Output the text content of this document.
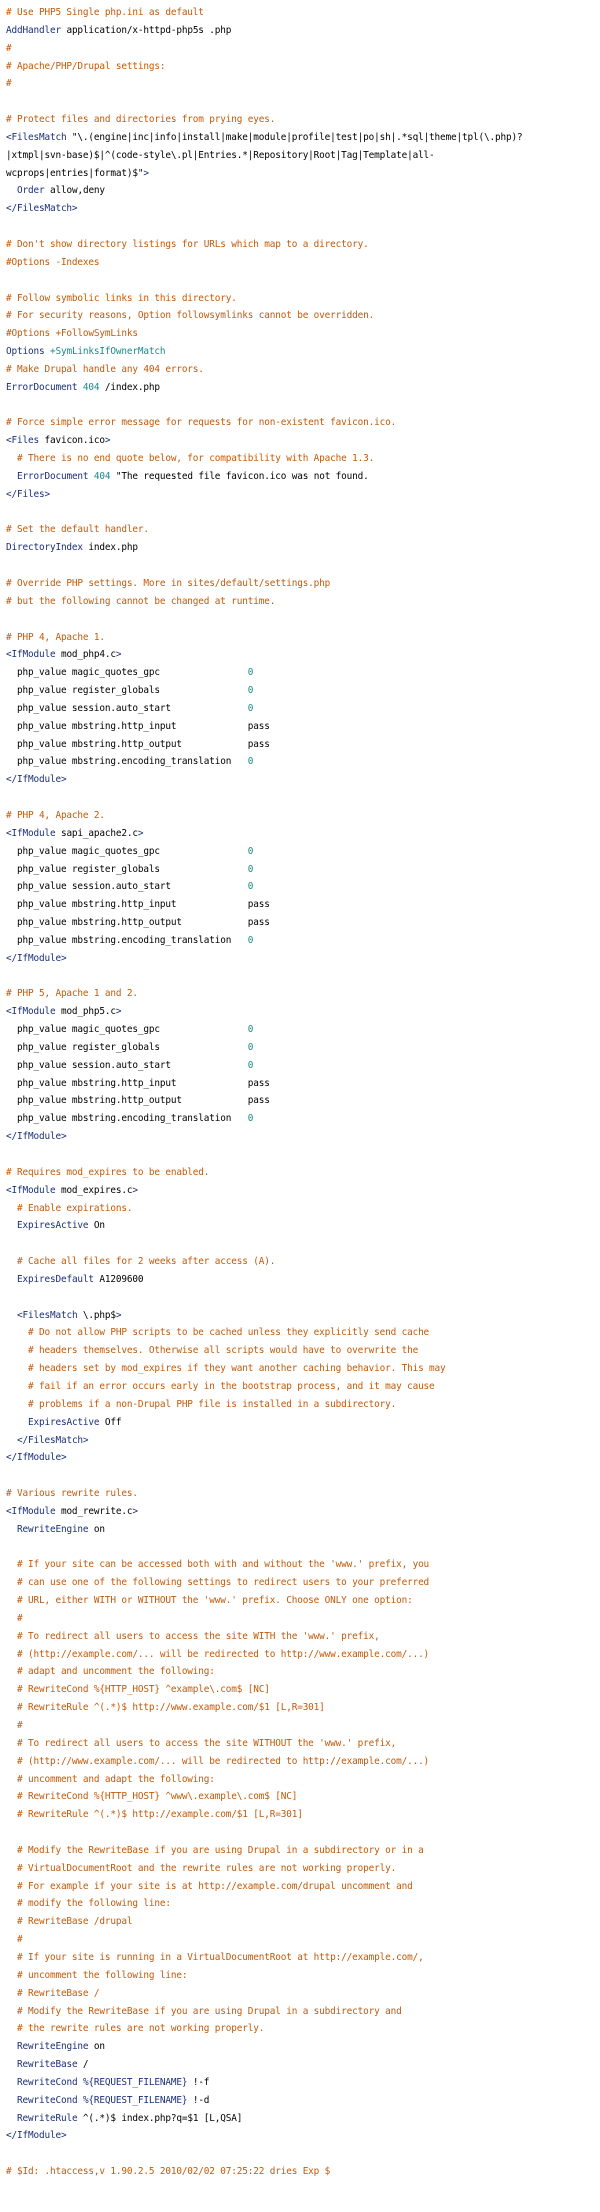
# Use PHP5 Single php.ini as default
AddHandler application/x-httpd-php5s .php
#
# Apache/PHP/Drupal settings:
#
# Protect files and directories from prying eyes.
<FilesMatch "\.(engine|inc|info|install|make|module|profile|test|po|sh|.*sql|theme|tpl(\.php)?
|xtmpl|svn-base)$|^(code-style\.pl|Entries.*|Repository|Root|Tag|Template|all-
wcprops|entries|format)$">
Order allow,deny
</FilesMatch>
# Don't show directory listings for URLs which map to a directory.
#Options -Indexes
# Follow symbolic links in this directory.
# For security reasons, Option followsymlinks cannot be overridden.
#Options +FollowSymLinks
Options +SymLinksIfOwnerMatch
# Make Drupal handle any 404 errors.
ErrorDocument 404 /index.php
# Force simple error message for requests for non-existent favicon.ico.
<Files favicon.ico>
# There is no end quote below, for compatibility with Apache 1.3.
ErrorDocument 404 "The requested file favicon.ico was not found.
</Files>
# Set the default handler.
DirectoryIndex index.php
# Override PHP settings. More in sites/default/settings.php
# but the following cannot be changed at runtime.
# PHP 4, Apache 1.
<IfModule mod_php4.c>
php_value magic_quotes_gpc                0
php_value register_globals                0
php_value session.auto_start              0
php_value mbstring.http_input             pass
php_value mbstring.http_output            pass
php_value mbstring.encoding_translation   0
</IfModule>
# PHP 4, Apache 2.
<IfModule sapi_apache2.c>
php_value magic_quotes_gpc                0
php_value register_globals                0
php_value session.auto_start              0
php_value mbstring.http_input             pass
php_value mbstring.http_output            pass
php_value mbstring.encoding_translation   0
</IfModule>
# PHP 5, Apache 1 and 2.
<IfModule mod_php5.c>
php_value magic_quotes_gpc                0
php_value register_globals                0
php_value session.auto_start              0
php_value mbstring.http_input             pass
php_value mbstring.http_output            pass
php_value mbstring.encoding_translation   0
</IfModule>
# Requires mod_expires to be enabled.
<IfModule mod_expires.c>
# Enable expirations.
ExpiresActive On
# Cache all files for 2 weeks after access (A).
ExpiresDefault A1209600
<FilesMatch \.php$>
# Do not allow PHP scripts to be cached unless they explicitly send cache
# headers themselves. Otherwise all scripts would have to overwrite the
# headers set by mod_expires if they want another caching behavior. This may
# fail if an error occurs early in the bootstrap process, and it may cause
# problems if a non-Drupal PHP file is installed in a subdirectory.
ExpiresActive Off
</FilesMatch>
</IfModule>
# Various rewrite rules.
<IfModule mod_rewrite.c>
RewriteEngine on
# If your site can be accessed both with and without the 'www.' prefix, you
# can use one of the following settings to redirect users to your preferred
# URL, either WITH or WITHOUT the 'www.' prefix. Choose ONLY one option:
#
# To redirect all users to access the site WITH the 'www.' prefix,
# (http://example.com/... will be redirected to http://www.example.com/...)
# adapt and uncomment the following:
# RewriteCond %{HTTP_HOST} ^example\.com$ [NC]
# RewriteRule ^(.*)$ http://www.example.com/$1 [L,R=301]
#
# To redirect all users to access the site WITHOUT the 'www.' prefix,
# (http://www.example.com/... will be redirected to http://example.com/...)
# uncomment and adapt the following:
# RewriteCond %{HTTP_HOST} ^www\.example\.com$ [NC]
# RewriteRule ^(.*)$ http://example.com/$1 [L,R=301]
# Modify the RewriteBase if you are using Drupal in a subdirectory or in a
# VirtualDocumentRoot and the rewrite rules are not working properly.
# For example if your site is at http://example.com/drupal uncomment and
# modify the following line:
# RewriteBase /drupal
#
# If your site is running in a VirtualDocumentRoot at http://example.com/,
# uncomment the following line:
# RewriteBase /
# Modify the RewriteBase if you are using Drupal in a subdirectory and
# the rewrite rules are not working properly.
RewriteEngine on
RewriteBase /
RewriteCond %{REQUEST_FILENAME} !-f
RewriteCond %{REQUEST_FILENAME} !-d
RewriteRule ^(.*)$ index.php?q=$1 [L,QSA]
</IfModule>
# $Id: .htaccess,v 1.90.2.5 2010/02/02 07:25:22 dries Exp $
